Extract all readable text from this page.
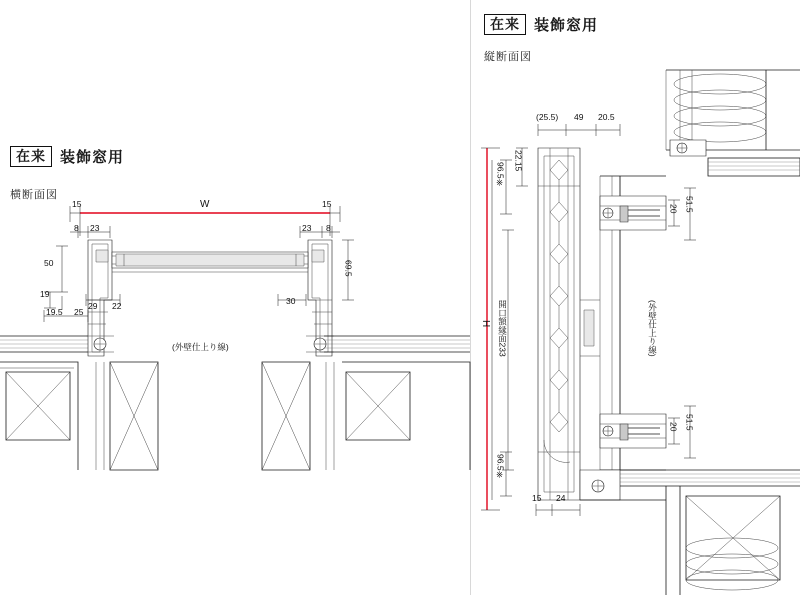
在来 装飾窓用
横断面図
15	15
W
8 23	23 8
50
19
29 22
19.5 25
30
69.5
(外壁仕上り線)
在来 装飾窓用
縦断面図
(25.5) 49 20.5
22.15
96.5※
96.5※
H 開口額縁面233
20 51.5
20 51.5
15 24
(外壁仕上り線)
